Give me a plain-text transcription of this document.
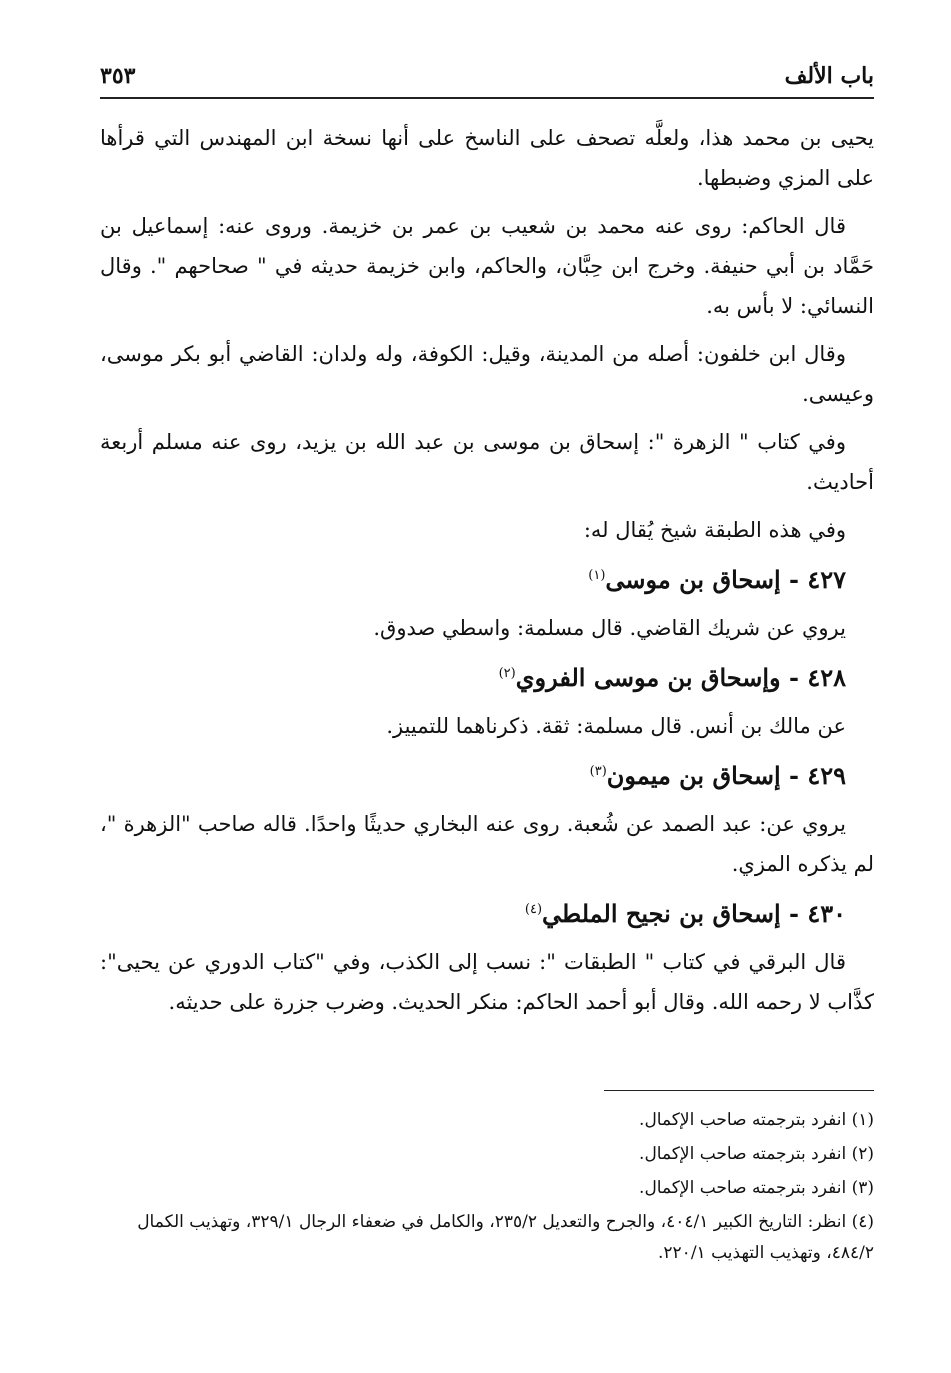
باب الألف
٣٥٣

يحيى بن محمد هذا، ولعلَّه تصحف على الناسخ على أنها نسخة ابن المهندس التي قرأها على المزي وضبطها.

قال الحاكم: روى عنه محمد بن شعيب بن عمر بن خزيمة. وروى عنه: إسماعيل بن حَمَّاد بن أبي حنيفة. وخرج ابن حِبَّان، والحاكم، وابن خزيمة حديثه في " صحاحهم ". وقال النسائي: لا بأس به.

وقال ابن خلفون: أصله من المدينة، وقيل: الكوفة، وله ولدان: القاضي أبو بكر موسى، وعيسى.

وفي كتاب " الزهرة ": إسحاق بن موسى بن عبد الله بن يزيد، روى عنه مسلم أربعة أحاديث.

وفي هذه الطبقة شيخ يُقال له:

٤٢٧ - إسحاق بن موسى$^{(١)}$

يروي عن شريك القاضي. قال مسلمة: واسطي صدوق.

٤٢٨ - وإسحاق بن موسى الفروي$^{(٢)}$

عن مالك بن أنس. قال مسلمة: ثقة. ذكرناهما للتمييز.

٤٢٩ - إسحاق بن ميمون$^{(٣)}$

يروي عن: عبد الصمد عن شُعبة. روى عنه البخاري حديثًا واحدًا. قاله صاحب "الزهرة "، لم يذكره المزي.

٤٣٠ - إسحاق بن نجيح الملطي$^{(٤)}$

قال البرقي في كتاب " الطبقات ": نسب إلى الكذب، وفي "كتاب الدوري عن يحيى": كذَّاب لا رحمه الله. وقال أبو أحمد الحاكم: منكر الحديث. وضرب جزرة على حديثه.

(١) انفرد بترجمته صاحب الإكمال.

(٢) انفرد بترجمته صاحب الإكمال.

(٣) انفرد بترجمته صاحب الإكمال.

(٤) انظر: التاريخ الكبير ٤٠٤/١، والجرح والتعديل ٢٣٥/٢، والكامل في ضعفاء الرجال ٣٢٩/١، وتهذيب الكمال ٤٨٤/٢، وتهذيب التهذيب ٢٢٠/١.
